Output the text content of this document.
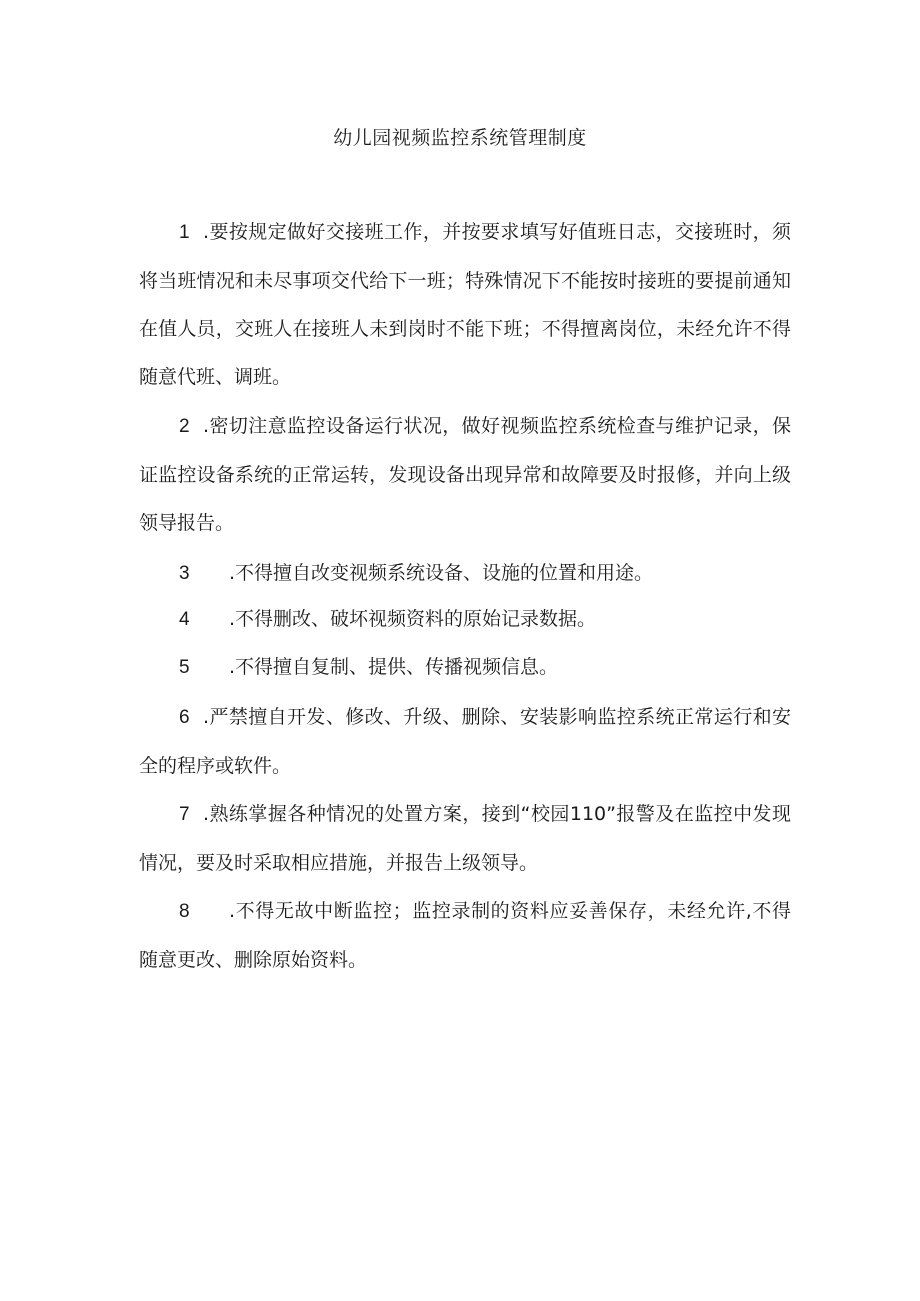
幼儿园视频监控系统管理制度
1 .要按规定做好交接班工作，并按要求填写好值班日志，交接班时，须将当班情况和未尽事项交代给下一班；特殊情况下不能按时接班的要提前通知在值人员，交班人在接班人未到岗时不能下班；不得擅离岗位，未经允许不得随意代班、调班。
2 .密切注意监控设备运行状况，做好视频监控系统检查与维护记录，保证监控设备系统的正常运转，发现设备出现异常和故障要及时报修，并向上级领导报告。
3 .不得擅自改变视频系统设备、设施的位置和用途。
4 .不得删改、破坏视频资料的原始记录数据。
5 .不得擅自复制、提供、传播视频信息。
6 .严禁擅自开发、修改、升级、删除、安装影响监控系统正常运行和安全的程序或软件。
7 .熟练掌握各种情况的处置方案，接到“校园110”报警及在监控中发现情况，要及时采取相应措施，并报告上级领导。
8 .不得无故中断监控；监控录制的资料应妥善保存，未经允许,不得随意更改、删除原始资料。
